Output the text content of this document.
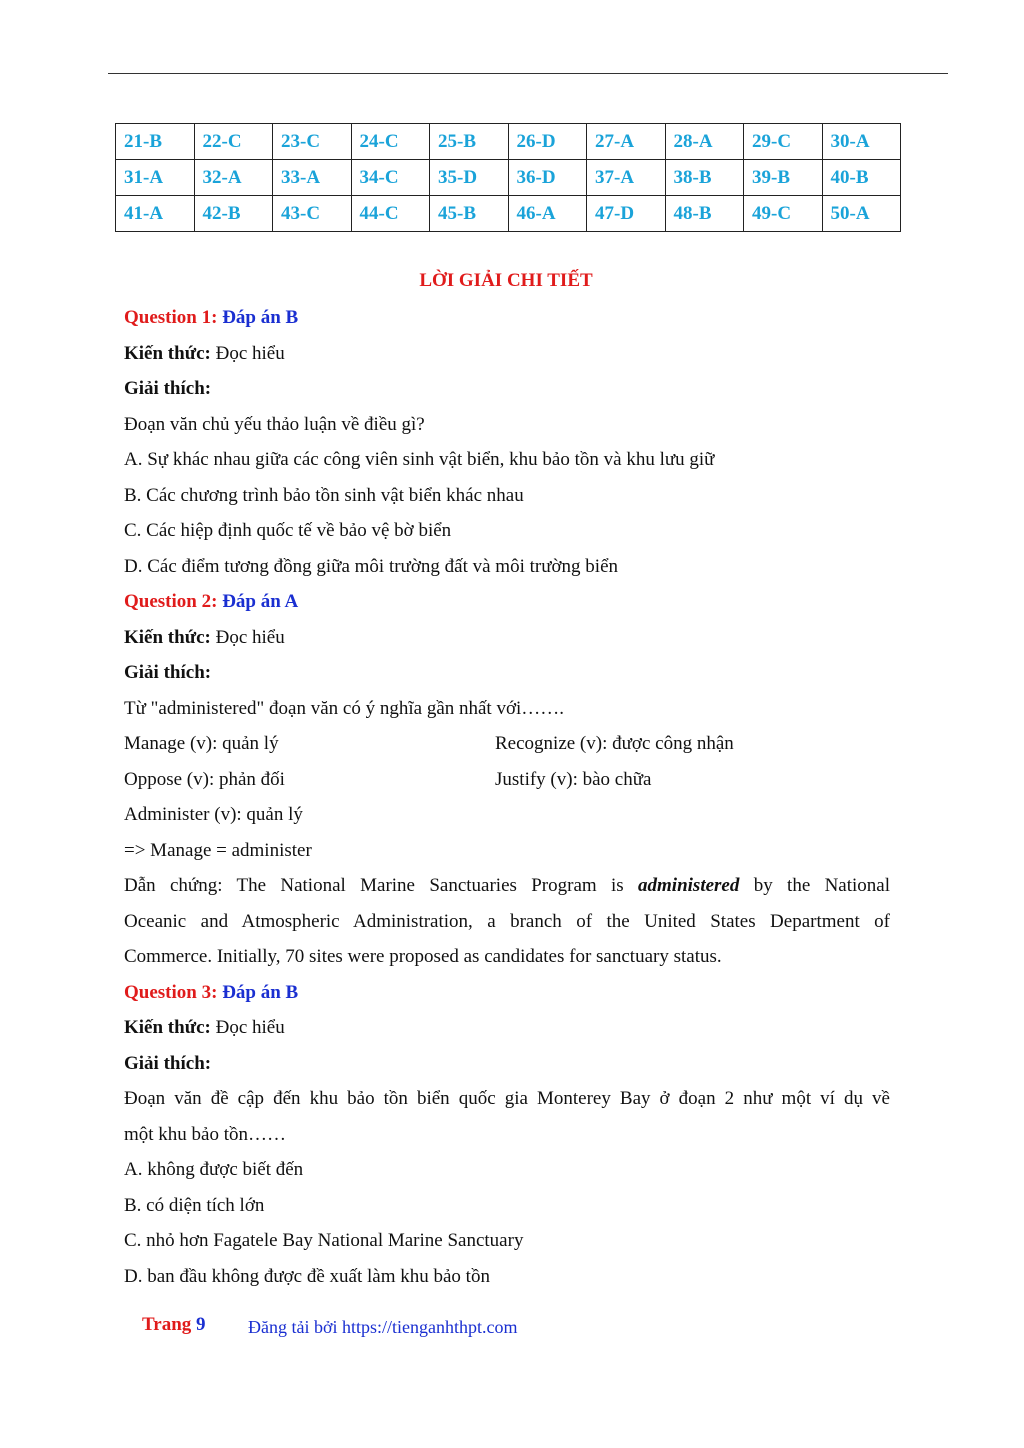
21-B	22-C	23-C	24-C	25-B	26-D	27-A	28-A	29-C	30-A
31-A	32-A	33-A	34-C	35-D	36-D	37-A	38-B	39-B	40-B
41-A	42-B	43-C	44-C	45-B	46-A	47-D	48-B	49-C	50-A
LỜI GIẢI CHI TIẾT
Question 1: Đáp án B
Kiến thức: Đọc hiểu
Giải thích:
Đoạn văn chủ yếu thảo luận về điều gì?
A. Sự khác nhau giữa các công viên sinh vật biển, khu bảo tồn và khu lưu giữ
B. Các chương trình bảo tồn sinh vật biển khác nhau
C. Các hiệp định quốc tế về bảo vệ bờ biển
D. Các điểm tương đồng giữa môi trường đất và môi trường biển
Question 2: Đáp án A
Kiến thức: Đọc hiểu
Giải thích:
Từ "administered" đoạn văn có ý nghĩa gần nhất với…….
Manage (v): quản lý	Recognize (v): được công nhận
Oppose (v): phản đối	Justify (v): bào chữa
Administer (v): quản lý
=> Manage = administer
Dẫn chứng: The National Marine Sanctuaries Program is administered by the National
Oceanic and Atmospheric Administration, a branch of the United States Department of
Commerce. Initially, 70 sites were proposed as candidates for sanctuary status.
Question 3: Đáp án B
Kiến thức: Đọc hiểu
Giải thích:
Đoạn văn đề cập đến khu bảo tồn biển quốc gia Monterey Bay ở đoạn 2 như một ví dụ về
một khu bảo tồn……
A. không được biết đến
B. có diện tích lớn
C. nhỏ hơn Fagatele Bay National Marine Sanctuary
D. ban đầu không được đề xuất làm khu bảo tồn
Trang 9 Đăng tải bởi https://tienganhthpt.com
